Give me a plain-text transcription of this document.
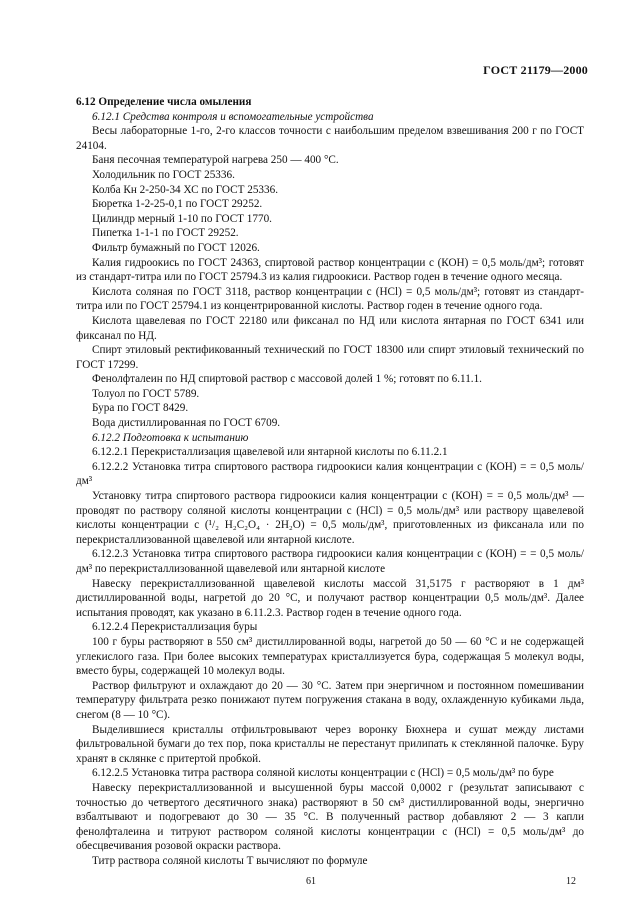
ГОСТ 21179—2000

6.12 Определение числа омыления

6.12.1 Средства контроля и вспомогательные устройства

Весы лабораторные 1-го, 2-го классов точности с наибольшим пределом взвешивания 200 г по ГОСТ 24104.

Баня песочная температурой нагрева 250 — 400 °С.

Холодильник по ГОСТ 25336.

Колба Кн 2-250-34 ХС по ГОСТ 25336.

Бюретка 1-2-25-0,1 по ГОСТ 29252.

Цилиндр мерный 1-10 по ГОСТ 1770.

Пипетка 1-1-1 по ГОСТ 29252.

Фильтр бумажный по ГОСТ 12026.

Калия гидроокись по ГОСТ 24363, спиртовой раствор концентрации c (КОН) = 0,5 моль/дм³; готовят из стандарт-титра или по ГОСТ 25794.3 из калия гидроокиси. Раствор годен в течение одного месяца.

Кислота соляная по ГОСТ 3118, раствор концентрации c (HCl) = 0,5 моль/дм³; готовят из стандарт-титра или по ГОСТ 25794.1 из концентрированной кислоты. Раствор годен в течение одного года.

Кислота щавелевая по ГОСТ 22180 или фиксанал по НД или кислота янтарная по ГОСТ 6341 или фиксанал по НД.

Спирт этиловый ректификованный технический по ГОСТ 18300 или спирт этиловый технический по ГОСТ 17299.

Фенолфталеин по НД спиртовой раствор с массовой долей 1 %; готовят по 6.11.1.

Толуол по ГОСТ 5789.

Бура по ГОСТ 8429.

Вода дистиллированная по ГОСТ 6709.

6.12.2 Подготовка к испытанию

6.12.2.1 Перекристаллизация щавелевой или янтарной кислоты по 6.11.2.1

6.12.2.2 Установка титра спиртового раствора гидроокиси калия концентрации c (КОН) = = 0,5 моль/дм³

Установку титра спиртового раствора гидроокиси калия концентрации c (КОН) = = 0,5 моль/дм³ — проводят по раствору соляной кислоты концентрации c (HCl) = 0,5 моль/дм³ или раствору щавелевой кислоты концентрации c (¹/₂ H₂C₂O₄ · 2H₂O) = 0,5 моль/дм³, приготовленных из фиксанала или по перекристаллизованной щавелевой или янтарной кислоте.

6.12.2.3 Установка титра спиртового раствора гидроокиси калия концентрации c (КОН) = = 0,5 моль/дм³ по перекристаллизованной щавелевой или янтарной кислоте

Навеску перекристаллизованной щавелевой кислоты массой 31,5175 г растворяют в 1 дм³ дистиллированной воды, нагретой до 20 °С, и получают раствор концентрации 0,5 моль/дм³. Далее испытания проводят, как указано в 6.11.2.3. Раствор годен в течение одного года.

6.12.2.4 Перекристаллизация буры

100 г буры растворяют в 550 см³ дистиллированной воды, нагретой до 50 — 60 °С и не содержащей углекислого газа. При более высоких температурах кристаллизуется бура, содержащая 5 молекул воды, вместо буры, содержащей 10 молекул воды.

Раствор фильтруют и охлаждают до 20 — 30 °С. Затем при энергичном и постоянном помешивании температуру фильтрата резко понижают путем погружения стакана в воду, охлажденную кубиками льда, снегом (8 — 10 °С).

Выделившиеся кристаллы отфильтровывают через воронку Бюхнера и сушат между листами фильтровальной бумаги до тех пор, пока кристаллы не перестанут прилипать к стеклянной палочке. Буру хранят в склянке с притертой пробкой.

6.12.2.5 Установка титра раствора соляной кислоты концентрации c (HCl) = 0,5 моль/дм³ по буре

Навеску перекристаллизованной и высушенной буры массой 0,0002 г (результат записывают с точностью до четвертого десятичного знака) растворяют в 50 см³ дистиллированной воды, энергично взбалтывают и подогревают до 30 — 35 °С. В полученный раствор добавляют 2 — 3 капли фенолфталеина и титруют раствором соляной кислоты концентрации c (HCl) = 0,5 моль/дм³ до обесцвечивания розовой окраски раствора.

Титр раствора соляной кислоты T вычисляют по формуле

61	12
